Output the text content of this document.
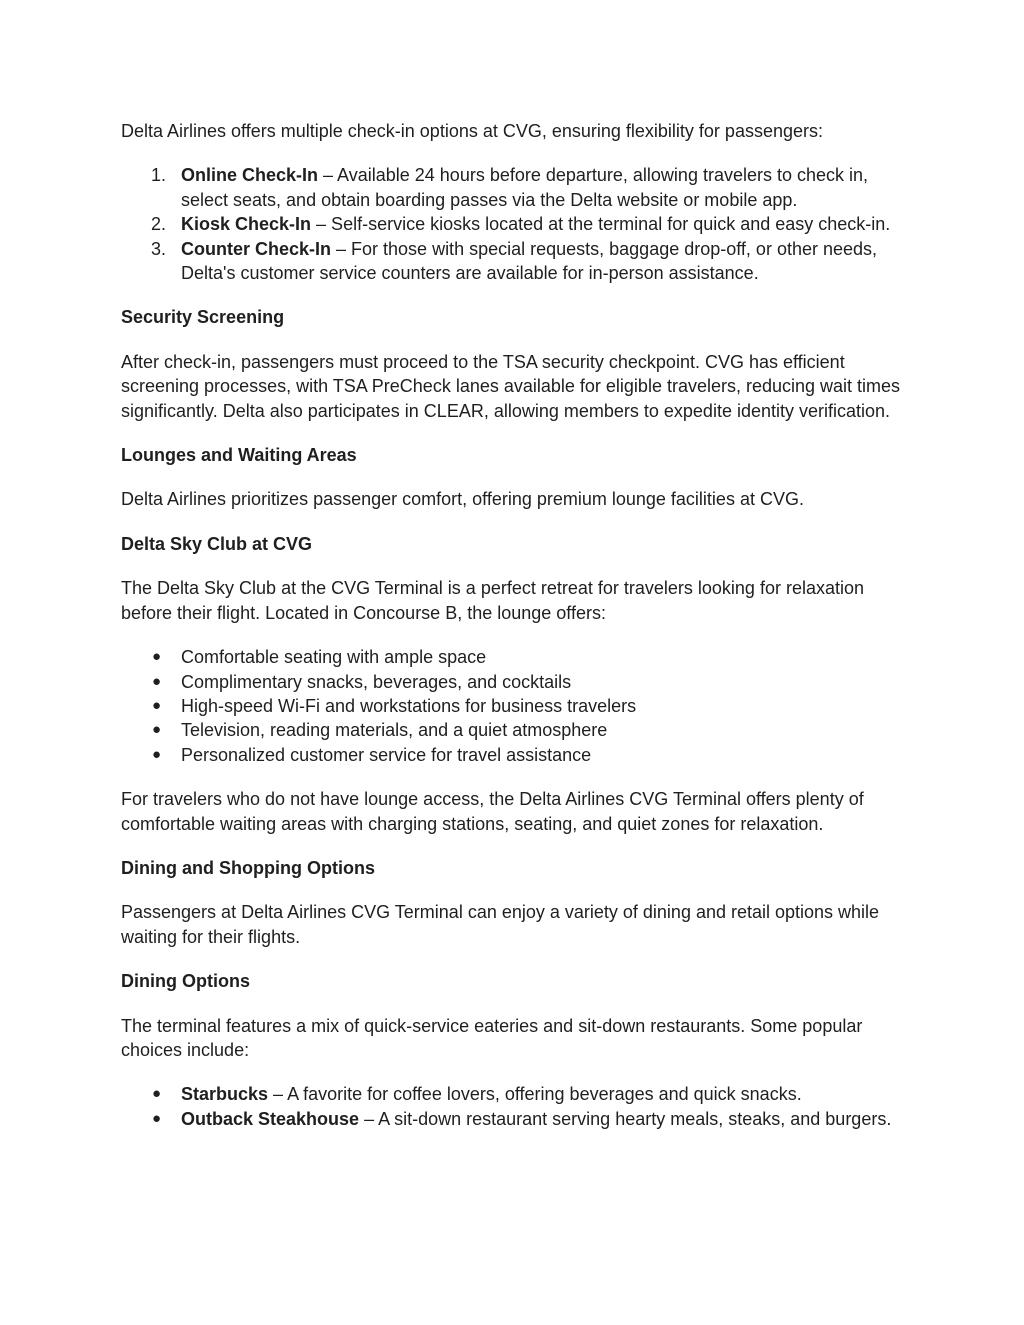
Delta Airlines offers multiple check-in options at CVG, ensuring flexibility for passengers:

1. Online Check-In – Available 24 hours before departure, allowing travelers to check in, select seats, and obtain boarding passes via the Delta website or mobile app.
2. Kiosk Check-In – Self-service kiosks located at the terminal for quick and easy check-in.
3. Counter Check-In – For those with special requests, baggage drop-off, or other needs, Delta's customer service counters are available for in-person assistance.
Security Screening

After check-in, passengers must proceed to the TSA security checkpoint. CVG has efficient screening processes, with TSA PreCheck lanes available for eligible travelers, reducing wait times significantly. Delta also participates in CLEAR, allowing members to expedite identity verification.

Lounges and Waiting Areas

Delta Airlines prioritizes passenger comfort, offering premium lounge facilities at CVG.

Delta Sky Club at CVG

The Delta Sky Club at the CVG Terminal is a perfect retreat for travelers looking for relaxation before their flight. Located in Concourse B, the lounge offers:

● Comfortable seating with ample space
● Complimentary snacks, beverages, and cocktails
● High-speed Wi-Fi and workstations for business travelers
● Television, reading materials, and a quiet atmosphere
● Personalized customer service for travel assistance

For travelers who do not have lounge access, the Delta Airlines CVG Terminal offers plenty of comfortable waiting areas with charging stations, seating, and quiet zones for relaxation.

Dining and Shopping Options

Passengers at Delta Airlines CVG Terminal can enjoy a variety of dining and retail options while waiting for their flights.

Dining Options

The terminal features a mix of quick-service eateries and sit-down restaurants. Some popular choices include:

● Starbucks – A favorite for coffee lovers, offering beverages and quick snacks.
● Outback Steakhouse – A sit-down restaurant serving hearty meals, steaks, and burgers.
